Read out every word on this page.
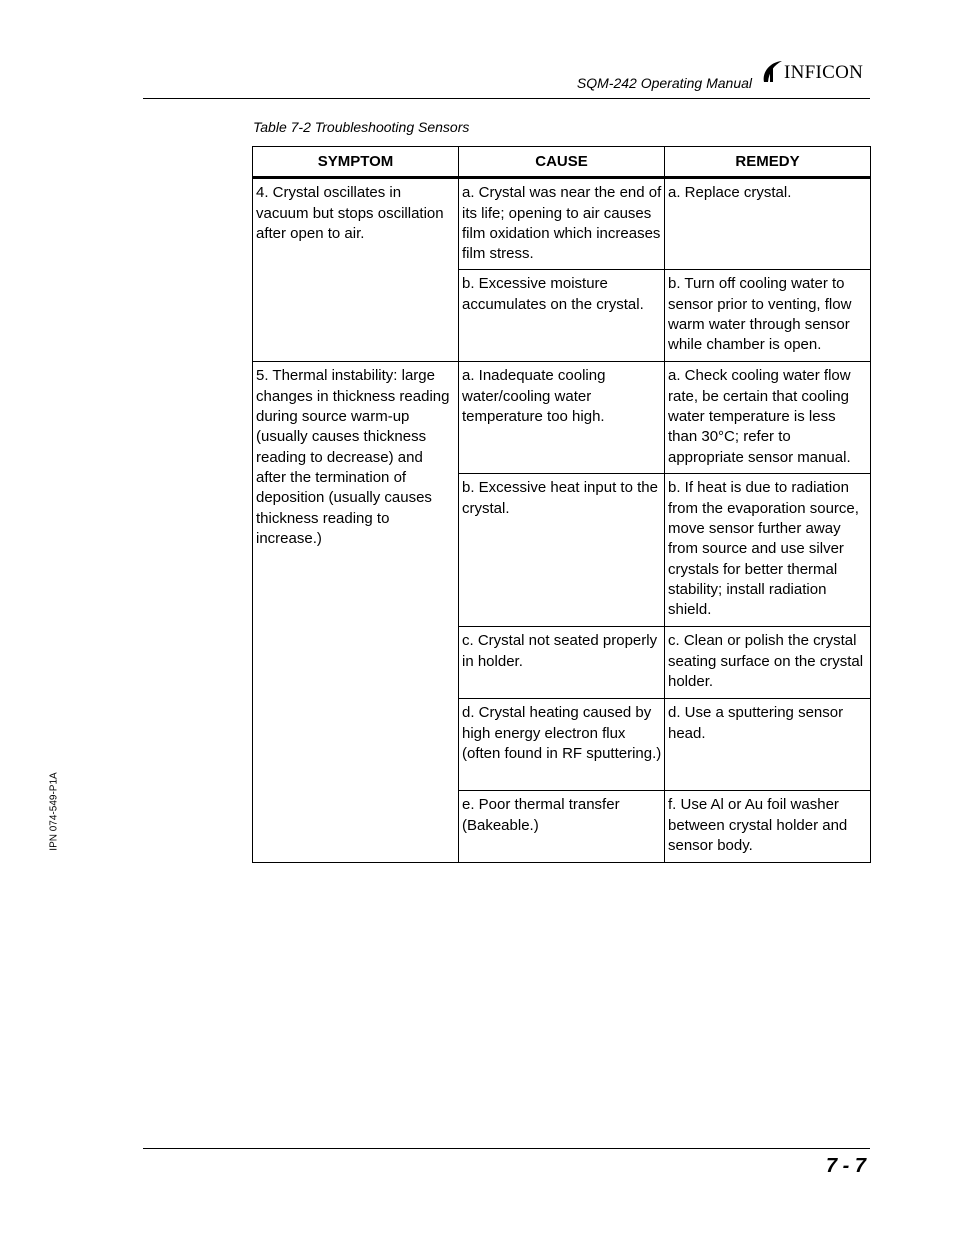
SQM-242 Operating Manual INFICON
Table 7-2 Troubleshooting Sensors
SYMPTOM	CAUSE	REMEDY
4. Crystal oscillates in vacuum but stops oscillation after open to air.	a. Crystal was near the end of its life; opening to air causes film oxidation which increases film stress.	a. Replace crystal.
	b. Excessive moisture accumulates on the crystal.	b. Turn off cooling water to sensor prior to venting, flow warm water through sensor while chamber is open.
5. Thermal instability: large changes in thickness reading during source warm-up (usually causes thickness reading to decrease) and after the termination of deposition (usually causes thickness reading to increase.)	a. Inadequate cooling water/cooling water temperature too high.	a. Check cooling water flow rate, be certain that cooling water temperature is less than 30°C; refer to appropriate sensor manual.
	b. Excessive heat input to the crystal.	b. If heat is due to radiation from the evaporation source, move sensor further away from source and use silver crystals for better thermal stability; install radiation shield.
	c. Crystal not seated properly in holder.	c. Clean or polish the crystal seating surface on the crystal holder.
	d. Crystal heating caused by high energy electron flux (often found in RF sputtering.)	d. Use a sputtering sensor head.
	e. Poor thermal transfer (Bakeable.)	f. Use Al or Au foil washer between crystal holder and sensor body.
IPN 074-549-P1A
7 - 7
